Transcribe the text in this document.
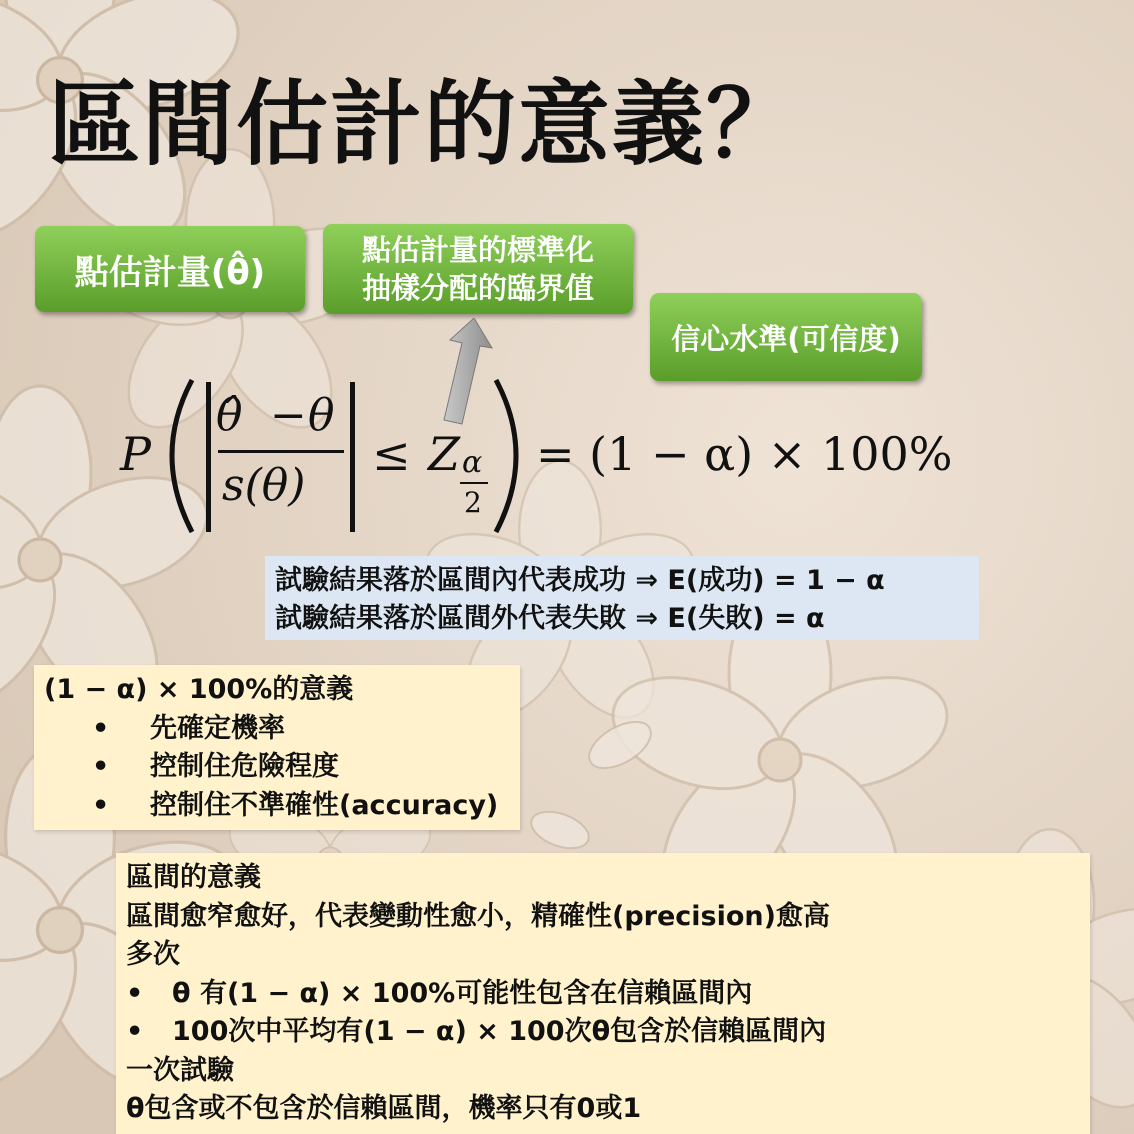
區間估計的意義？
點估計量(θ̂)
點估計量的標準化
抽樣分配的臨界值
信心水準(可信度)
P
θ̂ − θ
s(θ)
≤ Z α
2
= (1 − α) × 100%
試驗結果落於區間內代表成功 ⇒ E(成功) = 1 − α
試驗結果落於區間外代表失敗 ⇒ E(失敗) = α
(1 − α) × 100%的意義
•	先確定機率
•	控制住危險程度
•	控制住不準確性(accuracy)
區間的意義
區間愈窄愈好，代表變動性愈小，精確性(precision)愈高
多次
•	θ 有(1 − α) × 100%可能性包含在信賴區間內
•	100次中平均有(1 − α) × 100次θ包含於信賴區間內
一次試驗
θ包含或不包含於信賴區間，機率只有0或1
